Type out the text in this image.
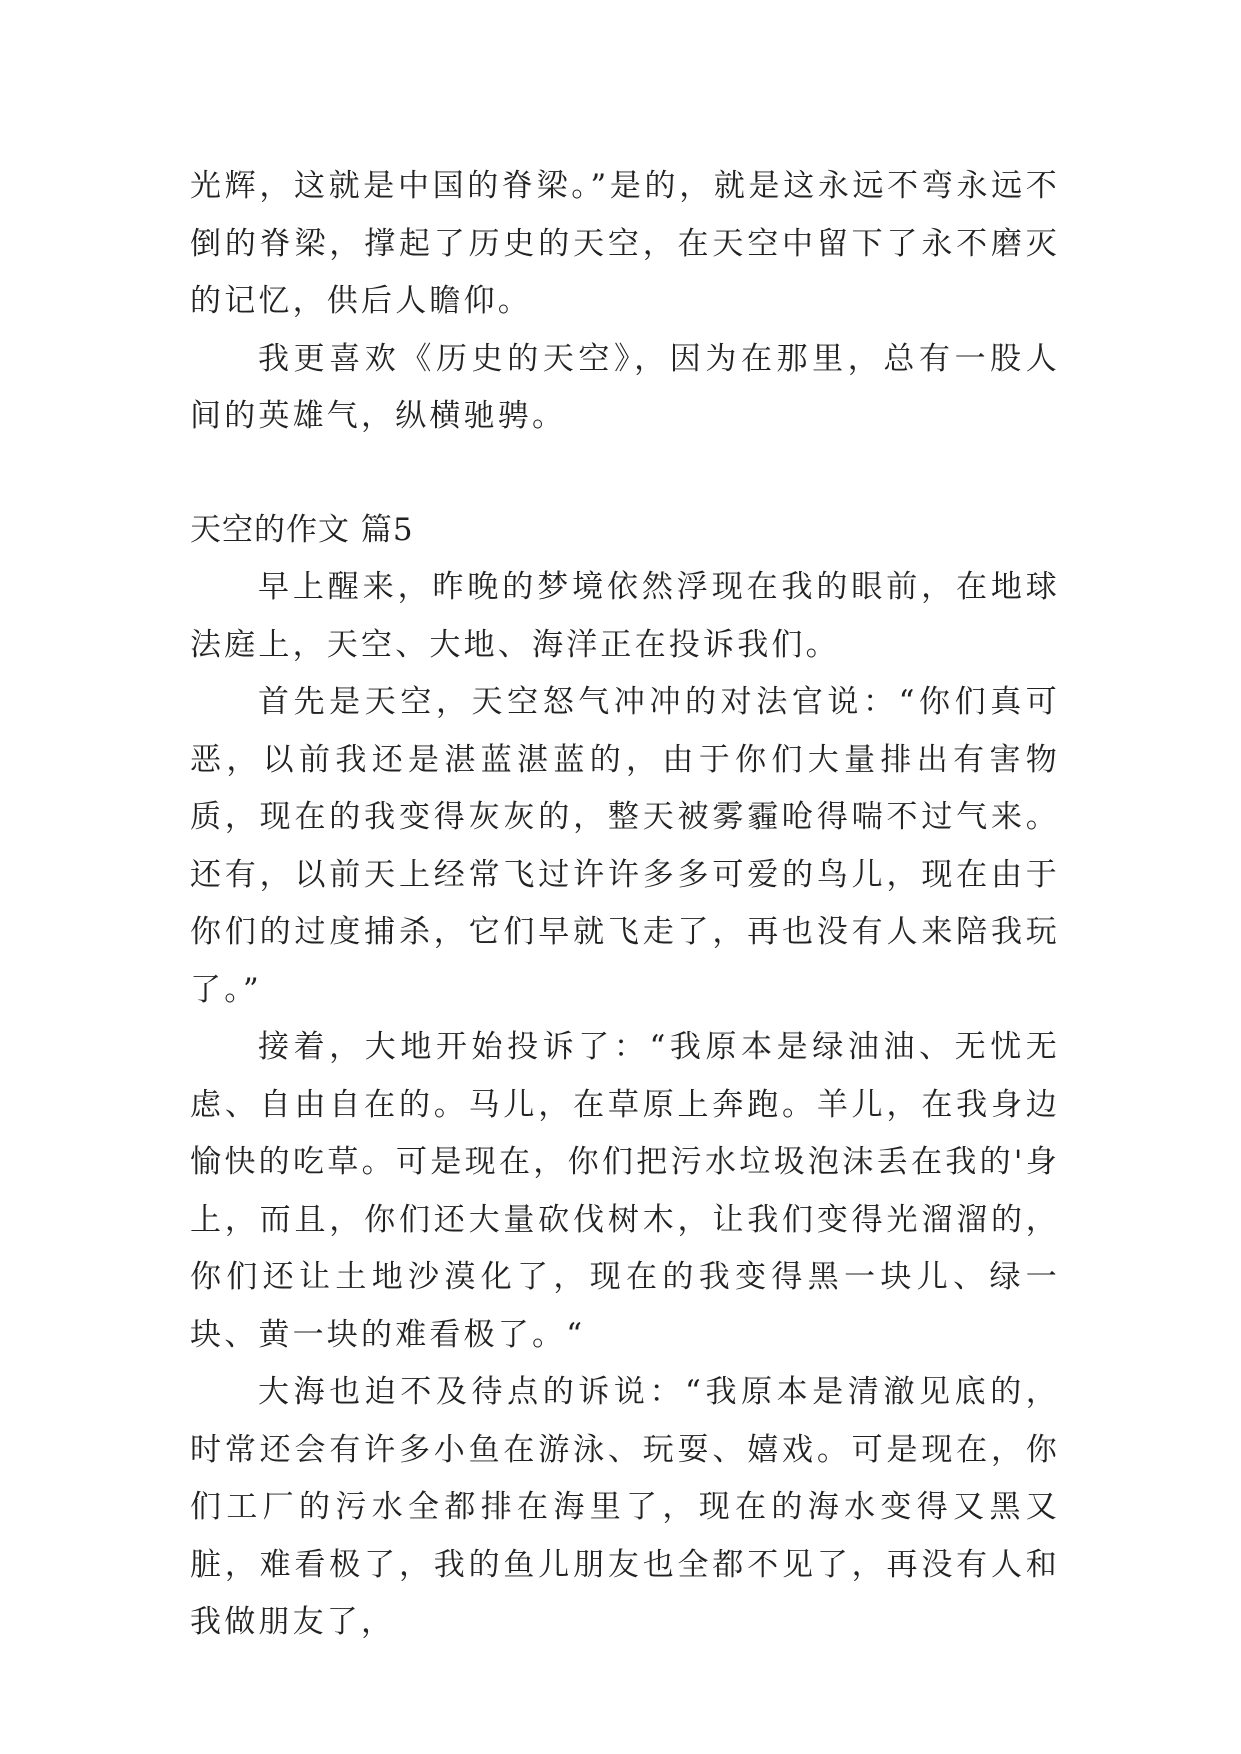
光辉，这就是中国的脊梁。”是的，就是这永远不弯永远不倒的脊梁，撑起了历史的天空，在天空中留下了永不磨灭的记忆，供后人瞻仰。

我更喜欢《历史的天空》，因为在那里，总有一股人间的英雄气，纵横驰骋。

天空的作文 篇5

早上醒来，昨晚的梦境依然浮现在我的眼前，在地球法庭上，天空、大地、海洋正在投诉我们。

首先是天空，天空怒气冲冲的对法官说：“你们真可恶，以前我还是湛蓝湛蓝的，由于你们大量排出有害物质，现在的我变得灰灰的，整天被雾霾呛得喘不过气来。还有，以前天上经常飞过许许多多可爱的鸟儿，现在由于你们的过度捕杀，它们早就飞走了，再也没有人来陪我玩了。”

接着，大地开始投诉了：“我原本是绿油油、无忧无虑、自由自在的。马儿，在草原上奔跑。羊儿，在我身边愉快的吃草。可是现在，你们把污水垃圾泡沫丢在我的'身上，而且，你们还大量砍伐树木，让我们变得光溜溜的，你们还让土地沙漠化了，现在的我变得黑一块儿、绿一块、黄一块的难看极了。“

大海也迫不及待点的诉说：“我原本是清澈见底的，时常还会有许多小鱼在游泳、玩耍、嬉戏。可是现在，你们工厂的污水全都排在海里了，现在的海水变得又黑又脏，难看极了，我的鱼儿朋友也全都不见了，再没有人和我做朋友了，
